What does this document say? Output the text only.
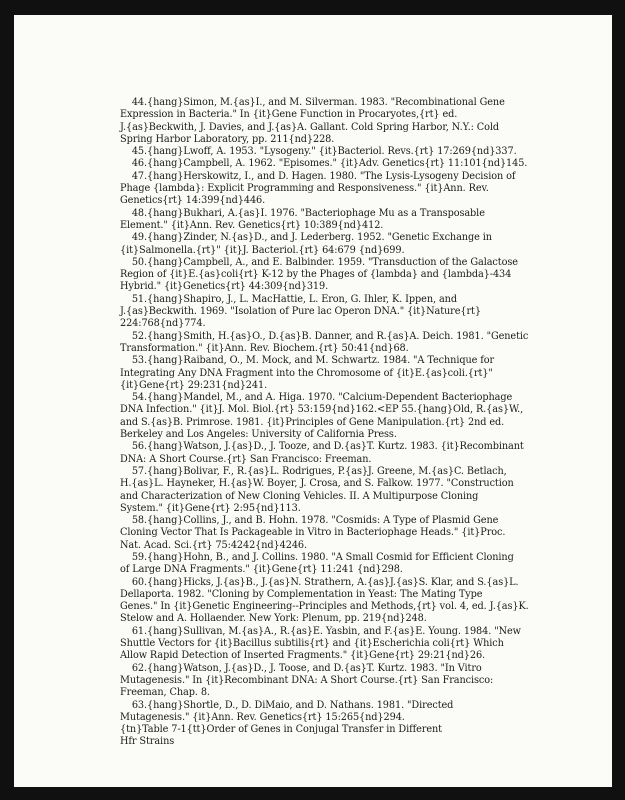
44.{hang}Simon, M.{as}I., and M. Silverman. 1983. "Recombinational Gene
Expression in Bacteria." In {it}Gene Function in Procaryotes,{rt} ed.
J.{as}Beckwith, J. Davies, and J.{as}A. Gallant. Cold Spring Harbor, N.Y.: Cold
Spring Harbor Laboratory, pp. 211{nd}228.
45.{hang}Lwoff, A. 1953. "Lysogeny." {it}Bacteriol. Revs.{rt} 17:269{nd}337.
46.{hang}Campbell, A. 1962. "Episomes." {it}Adv. Genetics{rt} 11:101{nd}145.
47.{hang}Herskowitz, I., and D. Hagen. 1980. "The Lysis-Lysogeny Decision of
Phage {lambda}: Explicit Programming and Responsiveness." {it}Ann. Rev.
Genetics{rt} 14:399{nd}446.
48.{hang}Bukhari, A.{as}I. 1976. "Bacteriophage Mu as a Transposable
Element." {it}Ann. Rev. Genetics{rt} 10:389{nd}412.
49.{hang}Zinder, N.{as}D., and J. Lederberg. 1952. "Genetic Exchange in
{it}Salmonella.{rt}" {it}J. Bacteriol.{rt} 64:679 {nd}699.
50.{hang}Campbell, A., and E. Balbinder. 1959. "Transduction of the Galactose
Region of {it}E.{as}coli{rt} K-12 by the Phages of {lambda} and {lambda}-434
Hybrid." {it}Genetics{rt} 44:309{nd}319.
51.{hang}Shapiro, J., L. MacHattie, L. Eron, G. Ihler, K. Ippen, and
J.{as}Beckwith. 1969. "Isolation of Pure lac Operon DNA." {it}Nature{rt}
224:768{nd}774.
52.{hang}Smith, H.{as}O., D.{as}B. Danner, and R.{as}A. Deich. 1981. "Genetic
Transformation." {it}Ann. Rev. Biochem.{rt} 50:41{nd}68.
53.{hang}Raiband, O., M. Mock, and M. Schwartz. 1984. "A Technique for
Integrating Any DNA Fragment into the Chromosome of {it}E.{as}coli.{rt}"
{it}Gene{rt} 29:231{nd}241.
54.{hang}Mandel, M., and A. Higa. 1970. "Calcium-Dependent Bacteriophage
DNA Infection." {it}J. Mol. Biol.{rt} 53:159{nd}162.<EP 55.{hang}Old, R.{as}W.,
and S.{as}B. Primrose. 1981. {it}Principles of Gene Manipulation.{rt} 2nd ed.
Berkeley and Los Angeles: University of California Press.
56.{hang}Watson, J.{as}D., J. Tooze, and D.{as}T. Kurtz. 1983. {it}Recombinant
DNA: A Short Course.{rt} San Francisco: Freeman.
57.{hang}Bolivar, F., R.{as}L. Rodrigues, P.{as}J. Greene, M.{as}C. Betlach,
H.{as}L. Hayneker, H.{as}W. Boyer, J. Crosa, and S. Falkow. 1977. "Construction
and Characterization of New Cloning Vehicles. II. A Multipurpose Cloning
System." {it}Gene{rt} 2:95{nd}113.
58.{hang}Collins, J., and B. Hohn. 1978. "Cosmids: A Type of Plasmid Gene
Cloning Vector That Is Packageable in Vitro in Bacteriophage Heads." {it}Proc.
Nat. Acad. Sci.{rt} 75:4242{nd}4246.
59.{hang}Hohn, B., and J. Collins. 1980. "A Small Cosmid for Efficient Cloning
of Large DNA Fragments." {it}Gene{rt} 11:241 {nd}298.
60.{hang}Hicks, J.{as}B., J.{as}N. Strathern, A.{as}J.{as}S. Klar, and S.{as}L.
Dellaporta. 1982. "Cloning by Complementation in Yeast: The Mating Type
Genes." In {it}Genetic Engineering--Principles and Methods,{rt} vol. 4, ed. J.{as}K.
Stelow and A. Hollaender. New York: Plenum, pp. 219{nd}248.
61.{hang}Sullivan, M.{as}A., R.{as}E. Yasbin, and F.{as}E. Young. 1984. "New
Shuttle Vectors for {it}Bacillus subtilis{rt} and {it}Escherichia coli{rt} Which
Allow Rapid Detection of Inserted Fragments." {it}Gene{rt} 29:21{nd}26.
62.{hang}Watson, J.{as}D., J. Toose, and D.{as}T. Kurtz. 1983. "In Vitro
Mutagenesis." In {it}Recombinant DNA: A Short Course.{rt} San Francisco:
Freeman, Chap. 8.
63.{hang}Shortle, D., D. DiMaio, and D. Nathans. 1981. "Directed
Mutagenesis." {it}Ann. Rev. Genetics{rt} 15:265{nd}294.
{tn}Table 7-1{tt}Order of Genes in Conjugal Transfer in Different
Hfr Strains
